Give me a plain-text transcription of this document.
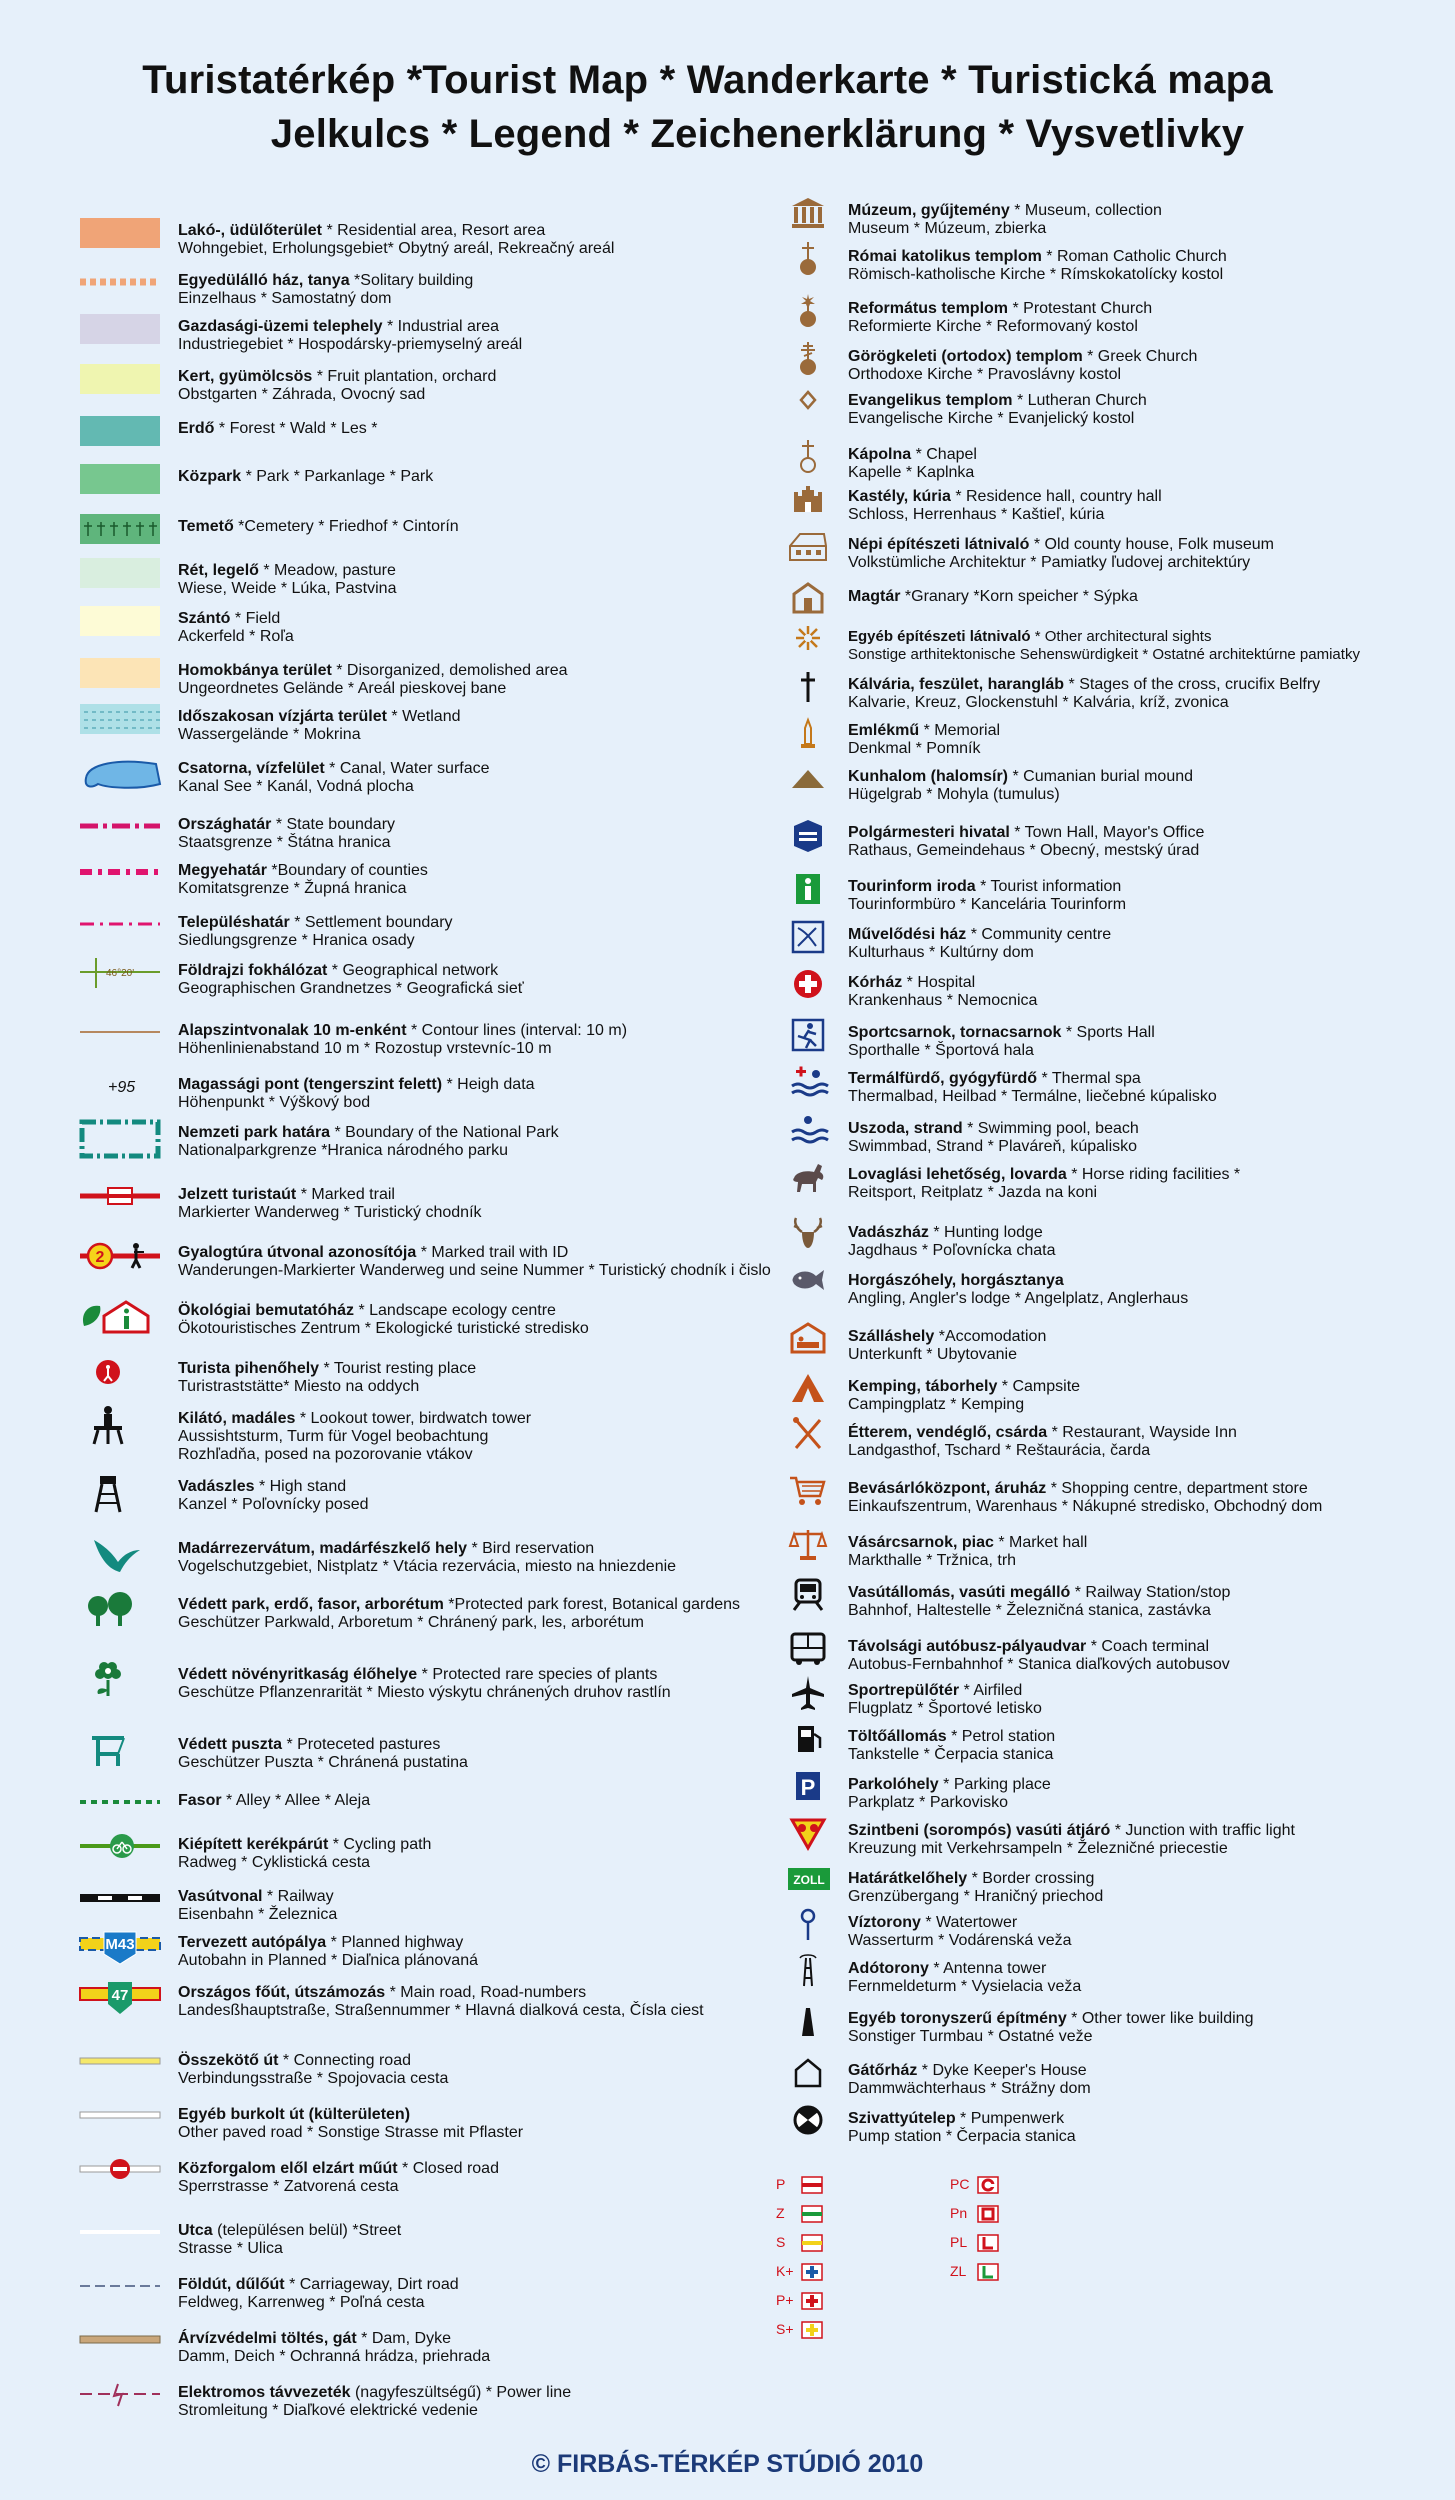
Turistatérkép *Tourist Map * Wanderkarte * Turistická mapa
Jelkulcs * Legend * Zeichenerklärung * Vysvetlivky
Lakó-, üdülőterület * Residential area, Resort area
Wohngebiet, Erholungsgebiet* Obytný areál, Rekreačný areál
Egyedülálló ház, tanya *Solitary building
Einzelhaus * Samostatný dom
Gazdasági-üzemi telephely * Industrial area
Industriegebiet * Hospodársky-priemyselný areál
Kert, gyümölcsös * Fruit plantation, orchard
Obstgarten * Záhrada, Ovocný sad
Erdő * Forest * Wald * Les *
Közpark * Park * Parkanlage * Park
Temető *Cemetery * Friedhof * Cintorín
Rét, legelő * Meadow, pasture
Wiese, Weide * Lúka, Pastvina
Szántó * Field
Ackerfeld * Roľa
Homokbánya terület * Disorganized, demolished area
Ungeordnetes Gelände * Areál pieskovej bane
Időszakosan vízjárta terület * Wetland
Wassergelände * Mokrina
Csatorna, vízfelület * Canal, Water surface
Kanal See * Kanál, Vodná plocha
Országhatár * State boundary
Staatsgrenze * Štátna hranica
Megyehatár *Boundary of counties
Komitatsgrenze * Župná hranica
Településhatár * Settlement boundary
Siedlungsgrenze * Hranica osady
46°20'	Földrajzi fokhálózat * Geographical network
Geographischen Grandnetzes * Geografická sieť
Alapszintvonalak 10 m-enként * Contour lines (interval: 10 m)
Höhenlinienabstand 10 m * Rozostup vrstevníc-10 m
+95	Magassági pont (tengerszint felett) * Heigh data
Höhenpunkt * Výškový bod
Nemzeti park határa * Boundary of the National Park
Nationalparkgrenze *Hranica národného parku
Jelzett turistaút * Marked trail
Markierter Wanderweg * Turistický chodník
2	Gyalogtúra útvonal azonosítója * Marked trail with ID
Wanderungen-Markierter Wanderweg und seine Nummer * Turistický chodník i čislo
Ökológiai bemutatóház * Landscape ecology centre
Ökotouristisches Zentrum * Ekologické turistické stredisko
Turista pihenőhely * Tourist resting place
Turistraststätte* Miesto na oddych
Kilátó, madáles * Lookout tower, birdwatch tower
Aussishtsturm, Turm für Vogel beobachtung
Rozhľadňa, posed na pozorovanie vtákov
Vadászles * High stand
Kanzel * Poľovnícky posed
Madárrezervátum, madárfészkelő hely * Bird reservation
Vogelschutzgebiet, Nistplatz * Vtácia rezervácia, miesto na hniezdenie
Védett park, erdő, fasor, arborétum *Protected park forest, Botanical gardens
Geschützer Parkwald, Arboretum * Chránený park, les, arborétum
Védett növényritkaság élőhelye * Protected rare species of plants
Geschütze Pflanzenrarität * Miesto výskytu chránených druhov rastlín
Védett puszta * Proteceted pastures
Geschützer Puszta * Chránená pustatina
Fasor * Alley * Allee * Aleja
Kiépített kerékpárút * Cycling path
Radweg * Cyklistická cesta
Vasútvonal * Railway
Eisenbahn * Železnica
M43	Tervezett autópálya * Planned highway
Autobahn in Planned * Diaľnica plánovaná
47	Országos főút, útszámozás * Main road, Road-numbers
Landesßhauptstraße, Straßennummer * Hlavná dialková cesta, Čísla ciest
Összekötő út * Connecting road
Verbindungsstraße * Spojovacia cesta
Egyéb burkolt út (külterületen)
Other paved road * Sonstige Strasse mit Pflaster
Közforgalom elől elzárt műút * Closed road
Sperrstrasse * Zatvorená cesta
Utca (településen belül) *Street
Strasse * Ulica
Földút, dűlőút * Carriageway, Dirt road
Feldweg, Karrenweg * Poľná cesta
Árvízvédelmi töltés, gát * Dam, Dyke
Damm, Deich * Ochranná hrádza, priehrada
Elektromos távvezeték (nagyfeszültségű) * Power line
Stromleitung * Diaľkové elektrické vedenie
Múzeum, gyűjtemény * Museum, collection
Museum * Múzeum, zbierka
Római katolikus templom * Roman Catholic Church
Römisch-katholische Kirche * Rímskokatolícky kostol
Református templom * Protestant Church
Reformierte Kirche * Reformovaný kostol
Görögkeleti (ortodox) templom * Greek Church
Orthodoxe Kirche * Pravoslávny kostol
Evangelikus templom * Lutheran Church
Evangelische Kirche * Evanjelický kostol
Kápolna * Chapel
Kapelle * Kaplnka
Kastély, kúria * Residence hall, country hall
Schloss, Herrenhaus * Kaštieľ, kúria
Népi építészeti látnivaló * Old county house, Folk museum
Volkstümliche Architektur * Pamiatky ľudovej architektúry
Magtár *Granary *Korn speicher * Sýpka
Egyéb építészeti látnivaló * Other architectural sights
Sonstige arthitektonische Sehenswürdigkeit * Ostatné architektúrne pamiatky
Kálvária, feszület, harangláb * Stages of the cross, crucifix Belfry
Kalvarie, Kreuz, Glockenstuhl * Kalvária, kríž, zvonica
Emlékmű * Memorial
Denkmal * Pomník
Kunhalom (halomsír) * Cumanian burial mound
Hügelgrab * Mohyla (tumulus)
Polgármesteri hivatal * Town Hall, Mayor's Office
Rathaus, Gemeindehaus * Obecný, mestský úrad
Tourinform iroda * Tourist information
Tourinformbüro * Kancelária Tourinform
Művelődési ház * Community centre
Kulturhaus * Kultúrny dom
Kórház * Hospital
Krankenhaus * Nemocnica
Sportcsarnok, tornacsarnok * Sports Hall
Sporthalle * Športová hala
Termálfürdő, gyógyfürdő * Thermal spa
Thermalbad, Heilbad * Termálne, liečebné kúpalisko
Uszoda, strand * Swimming pool, beach
Swimmbad, Strand * Plaváreň, kúpalisko
Lovaglási lehetőség, lovarda * Horse riding facilities *
Reitsport, Reitplatz * Jazda na koni
Vadászház * Hunting lodge
Jagdhaus * Poľovnícka chata
Horgászóhely, horgásztanya
Angling, Angler's lodge * Angelplatz, Anglerhaus
Szálláshely *Accomodation
Unterkunft * Ubytovanie
Kemping, táborhely * Campsite
Campingplatz * Kemping
Étterem, vendéglő, csárda * Restaurant, Wayside Inn
Landgasthof, Tschard * Reštaurácia, čarda
Bevásárlóközpont, áruház * Shopping centre, department store
Einkaufszentrum, Warenhaus * Nákupné stredisko, Obchodný dom
Vásárcsarnok, piac * Market hall
Markthalle * Tržnica, trh
Vasútállomás, vasúti megálló * Railway Station/stop
Bahnhof, Haltestelle * Železničná stanica, zastávka
Távolsági autóbusz-pályaudvar * Coach terminal
Autobus-Fernbahnhof * Stanica diaľkových autobusov
Sportrepülőtér * Airfiled
Flugplatz * Športové letisko
Töltőállomás * Petrol station
Tankstelle * Čerpacia stanica
P Parkolóhely * Parking place
Parkplatz * Parkovisko
Szintbeni (sorompós) vasúti átjáró * Junction with traffic light
Kreuzung mit Verkehrsampeln * Železničné priecestie
ZOLL Határátkelőhely * Border crossing
Grenzübergang * Hraničný priechod
Víztorony * Watertower
Wasserturm * Vodárenská veža
Adótorony * Antenna tower
Fernmeldeturm * Vysielacia veža
Egyéb toronyszerű építmény * Other tower like building
Sonstiger Turmbau * Ostatné veže
Gátőrház * Dyke Keeper's House
Dammwächterhaus * Strážny dom
Szivattyútelep * Pumpenwerk
Pump station * Čerpacia stanica
P
Z
S
K+
P+
S+
PC
Pn
PL
ZL
© FIRBÁS-TÉRKÉP STÚDIÓ 2010
